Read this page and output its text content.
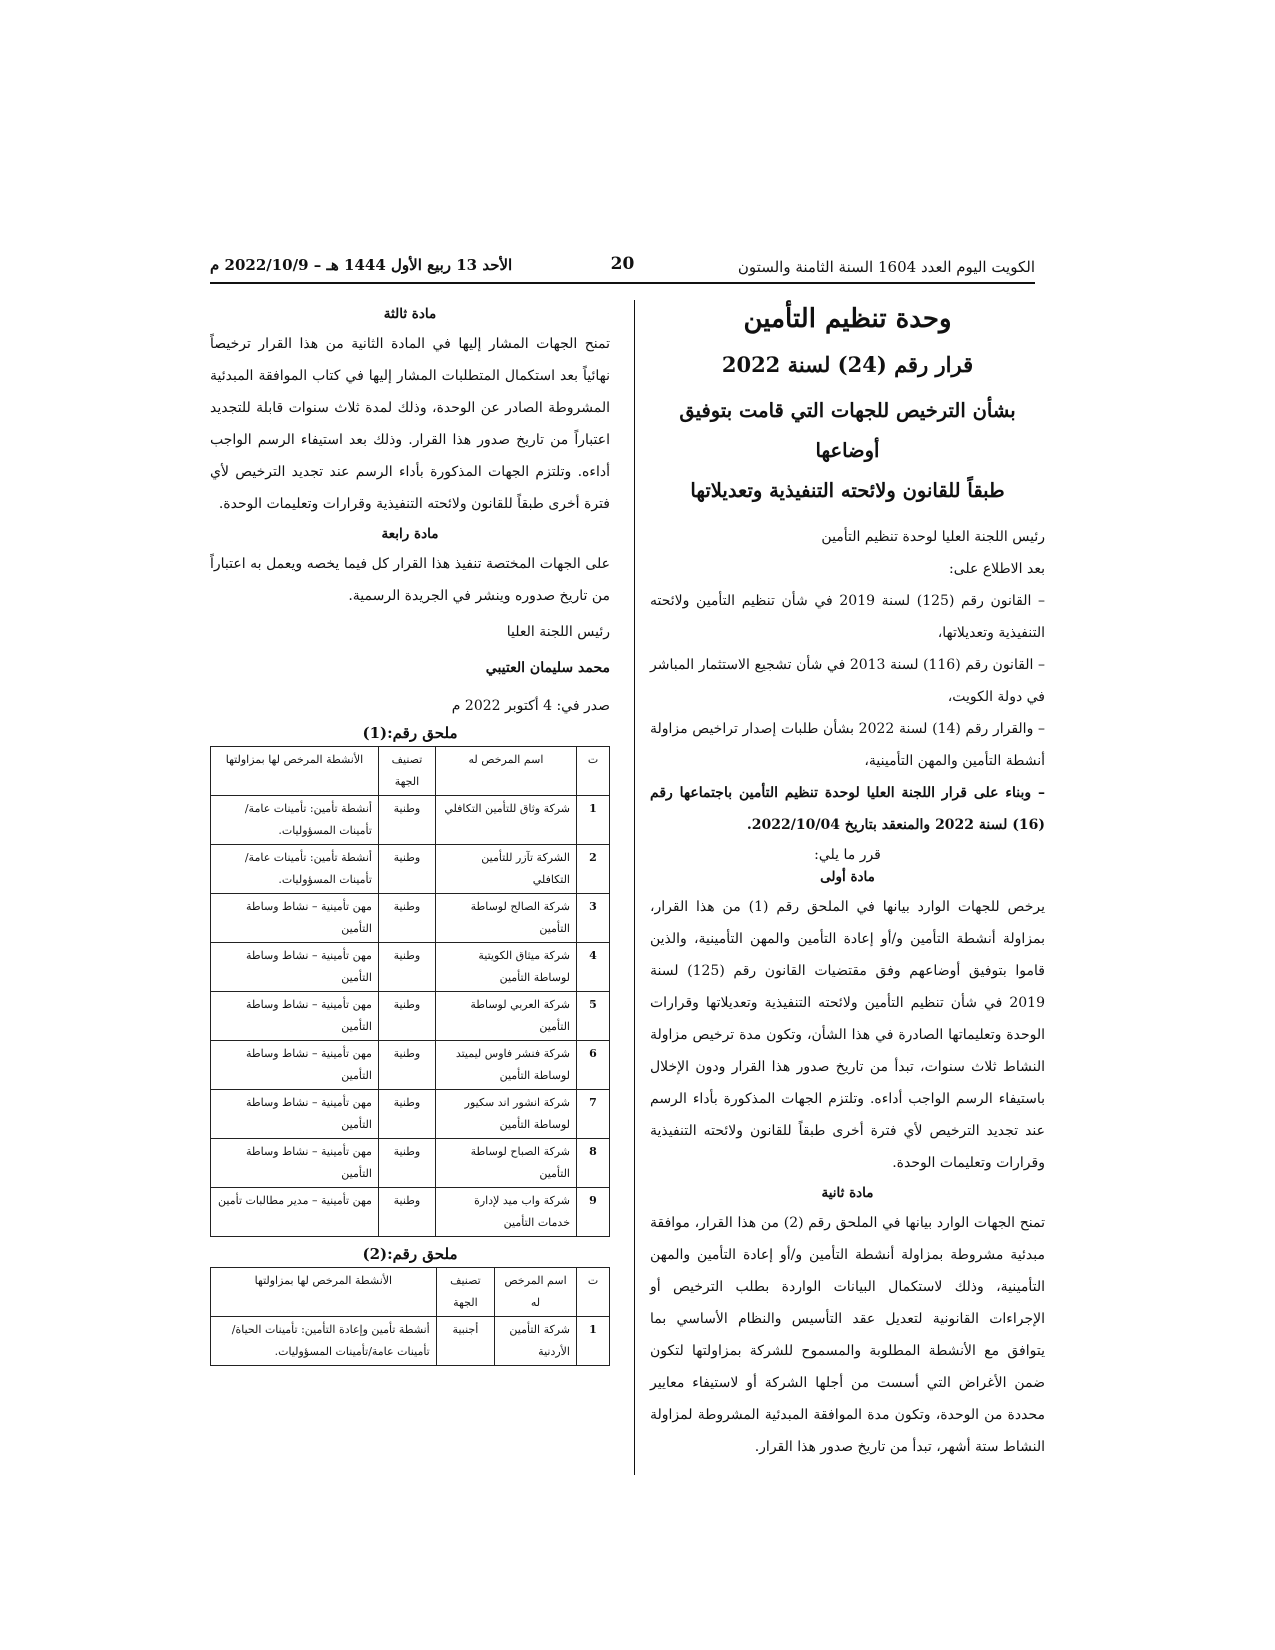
الكويت اليوم العدد 1604 السنة الثامنة والستون
20
الأحد 13 ربيع الأول 1444 هـ – 2022/10/9 م
وحدة تنظيم التأمين
قرار رقم (24) لسنة 2022
بشأن الترخيص للجهات التي قامت بتوفيق أوضاعها
طبقاً للقانون ولائحته التنفيذية وتعديلاتها

رئيس اللجنة العليا لوحدة تنظيم التأمين

بعد الاطلاع على:

– القانون رقم (125) لسنة 2019 في شأن تنظيم التأمين ولائحته التنفيذية وتعديلاتها،

– القانون رقم (116) لسنة 2013 في شأن تشجيع الاستثمار المباشر في دولة الكويت،

– والقرار رقم (14) لسنة 2022 بشأن طلبات إصدار تراخيص مزاولة أنشطة التأمين والمهن التأمينية،

– وبناء على قرار اللجنة العليا لوحدة تنظيم التأمين باجتماعها رقم (16) لسنة 2022 والمنعقد بتاريخ 2022/10/04.

قرر ما يلي:
مادة أولى

يرخص للجهات الوارد بيانها في الملحق رقم (1) من هذا القرار، بمزاولة أنشطة التأمين و/أو إعادة التأمين والمهن التأمينية، والذين قاموا بتوفيق أوضاعهم وفق مقتضيات القانون رقم (125) لسنة 2019 في شأن تنظيم التأمين ولائحته التنفيذية وتعديلاتها وقرارات الوحدة وتعليماتها الصادرة في هذا الشأن، وتكون مدة ترخيص مزاولة النشاط ثلاث سنوات، تبدأ من تاريخ صدور هذا القرار ودون الإخلال باستيفاء الرسم الواجب أداءه. وتلتزم الجهات المذكورة بأداء الرسم عند تجديد الترخيص لأي فترة أخرى طبقاً للقانون ولائحته التنفيذية وقرارات وتعليمات الوحدة.

مادة ثانية

تمنح الجهات الوارد بيانها في الملحق رقم (2) من هذا القرار، موافقة مبدئية مشروطة بمزاولة أنشطة التأمين و/أو إعادة التأمين والمهن التأمينية، وذلك لاستكمال البيانات الواردة بطلب الترخيص أو الإجراءات القانونية لتعديل عقد التأسيس والنظام الأساسي بما يتوافق مع الأنشطة المطلوبة والمسموح للشركة بمزاولتها لتكون ضمن الأغراض التي أسست من أجلها الشركة أو لاستيفاء معايير محددة من الوحدة، وتكون مدة الموافقة المبدئية المشروطة لمزاولة النشاط ستة أشهر، تبدأ من تاريخ صدور هذا القرار.

مادة ثالثة

تمنح الجهات المشار إليها في المادة الثانية من هذا القرار ترخيصاً نهائياً بعد استكمال المتطلبات المشار إليها في كتاب الموافقة المبدئية المشروطة الصادر عن الوحدة، وذلك لمدة ثلاث سنوات قابلة للتجديد اعتباراً من تاريخ صدور هذا القرار. وذلك بعد استيفاء الرسم الواجب أداءه. وتلتزم الجهات المذكورة بأداء الرسم عند تجديد الترخيص لأي فترة أخرى طبقاً للقانون ولائحته التنفيذية وقرارات وتعليمات الوحدة.

مادة رابعة

على الجهات المختصة تنفيذ هذا القرار كل فيما يخصه ويعمل به اعتباراً من تاريخ صدوره وينشر في الجريدة الرسمية.

رئيس اللجنة العليا

محمد سليمان العتيبي

صدر في: 4 أكتوبر 2022 م

ملحق رقم:(1)
ت	اسم المرخص له	تصنيف الجهة	الأنشطة المرخص لها بمزاولتها
1	شركة وثاق للتأمين التكافلي	وطنية	أنشطة تأمين: تأمينات عامة/تأمينات المسؤوليات.
2	الشركة تآزر للتأمين التكافلي	وطنية	أنشطة تأمين: تأمينات عامة/تأمينات المسؤوليات.
3	شركة الصالح لوساطة التأمين	وطنية	مهن تأمينية – نشاط وساطة التأمين
4	شركة ميثاق الكويتية لوساطة التأمين	وطنية	مهن تأمينية – نشاط وساطة التأمين
5	شركة العربي لوساطة التأمين	وطنية	مهن تأمينية – نشاط وساطة التأمين
6	شركة فنشر فاوس ليميتد لوساطة التأمين	وطنية	مهن تأمينية – نشاط وساطة التأمين
7	شركة انشور اند سكيور لوساطة التأمين	وطنية	مهن تأمينية – نشاط وساطة التأمين
8	شركة الصباح لوساطة التأمين	وطنية	مهن تأمينية – نشاط وساطة التأمين
9	شركة واب ميد لإدارة خدمات التأمين	وطنية	مهن تأمينية – مدير مطالبات تأمين
ملحق رقم:(2)
ت	اسم المرخص له	تصنيف الجهة	الأنشطة المرخص لها بمزاولتها
1	شركة التأمين الأردنية	أجنبية	أنشطة تأمين وإعادة التأمين: تأمينات الحياة/تأمينات عامة/تأمينات المسؤوليات.
